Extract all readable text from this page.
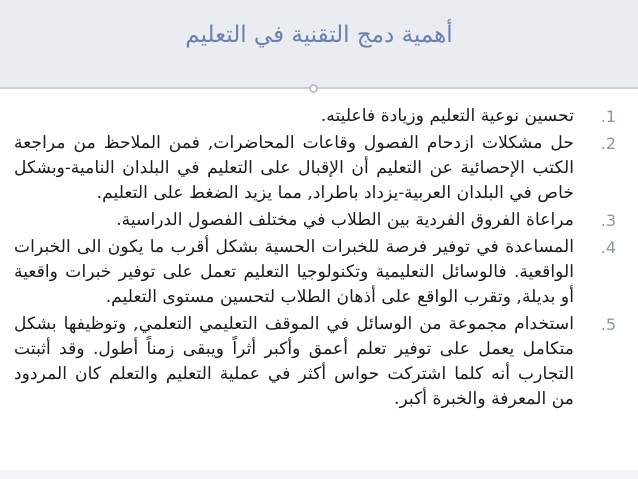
أهمية دمج التقنية في التعليم
.1
تحسين نوعية التعليم وزيادة فاعليته.
.2
حل مشكلات ازدحام الفصول وقاعات المحاضرات, فمن الملاحظ من مراجعة الكتب الإحصائية عن التعليم أن الإقبال على التعليم في البلدان النامية-وبشكل خاص في البلدان العربية-يزداد باطراد, مما يزيد الضغط على التعليم.
.3
مراعاة الفروق الفردية بين الطلاب في مختلف الفصول الدراسية.
.4
المساعدة في توفير فرصة للخبرات الحسية بشكل أقرب ما يكون الى الخبرات الواقعية. فالوسائل التعليمية وتكنولوجيا التعليم تعمل على توفير خبرات واقعية أو بديلة, وتقرب الواقع على أذهان الطلاب لتحسين مستوى التعليم.
.5
استخدام مجموعة من الوسائل في الموقف التعليمي التعلمي, وتوظيفها بشكل متكامل يعمل على توفير تعلم أعمق وأكبر أثراً ويبقى زمناً أطول. وقد أثبتت التجارب أنه كلما اشتركت حواس أكثر في عملية التعليم والتعلم كان المردود من المعرفة والخبرة أكبر.
